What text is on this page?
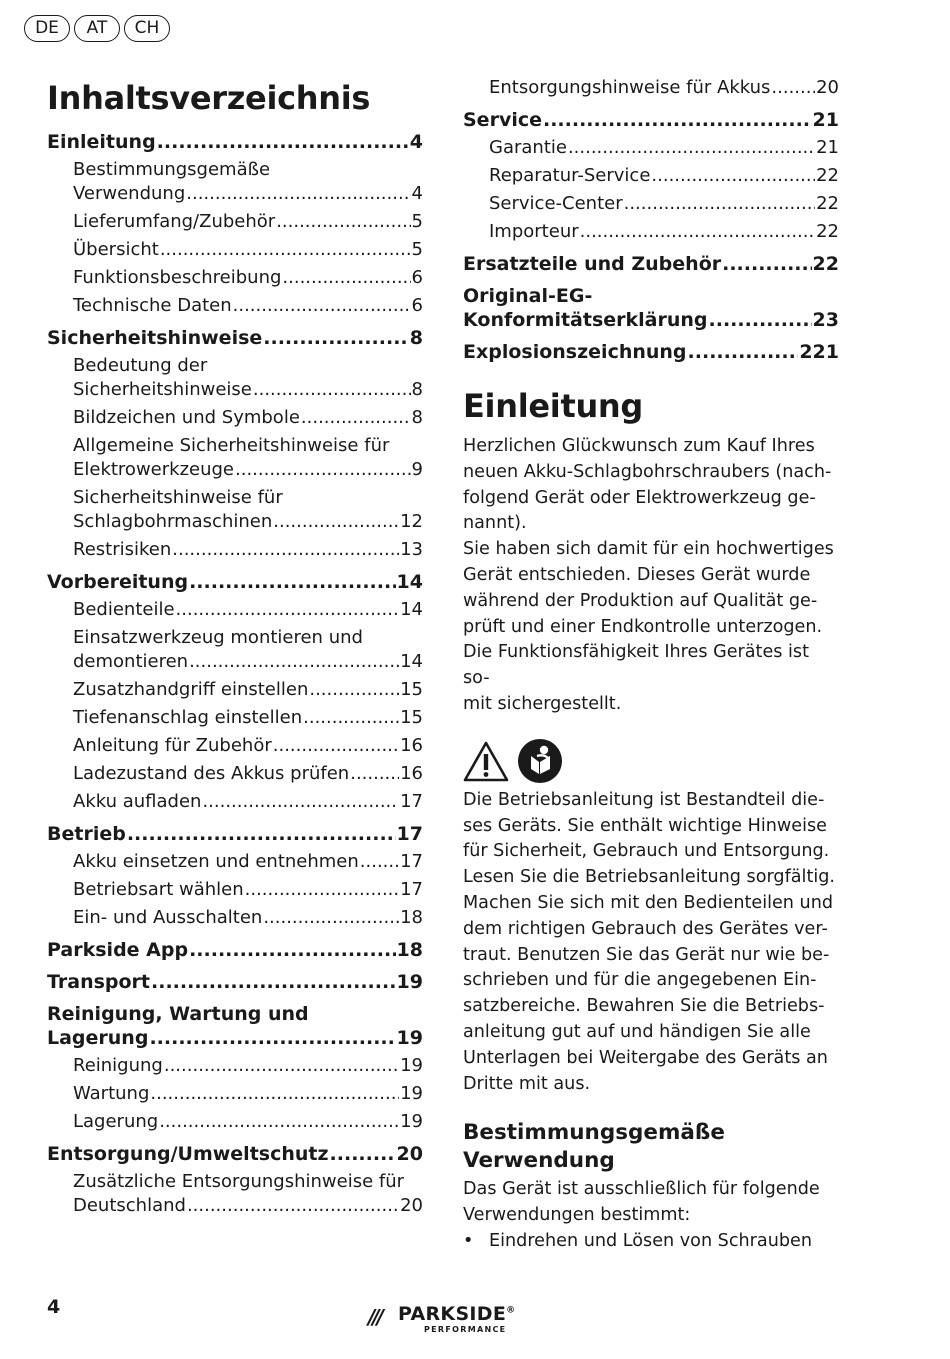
DE	AT	CH
Inhaltsverzeichnis
Einleitung .....	4
Bestimmungsgemäße
Verwendung .....	4
Lieferumfang/Zubehör .....	5
Übersicht .....	5
Funktionsbeschreibung .....	6
Technische Daten .....	6
Sicherheitshinweise .....	8
Bedeutung der
Sicherheitshinweise .....	8
Bildzeichen und Symbole .....	8
Allgemeine Sicherheitshinweise für
Elektrowerkzeuge .....	9
Sicherheitshinweise für
Schlagbohrmaschinen .....	12
Restrisiken .....	13
Vorbereitung .....	14
Bedienteile .....	14
Einsatzwerkzeug montieren und
demontieren .....	14
Zusatzhandgriff einstellen .....	15
Tiefenanschlag einstellen .....	15
Anleitung für Zubehör .....	16
Ladezustand des Akkus prüfen .....	16
Akku aufladen .....	17
Betrieb .....	17
Akku einsetzen und entnehmen ..... 17
Betriebsart wählen .....	17
Ein- und Ausschalten .....	18
Parkside App .....	18
Transport .....	19
Reinigung, Wartung und
Lagerung .....	19
Reinigung .....	19
Wartung .....	19
Lagerung .....	19
Entsorgung/Umweltschutz .....	20
Zusätzliche Entsorgungshinweise für
Deutschland .....	20
Entsorgungshinweise für Akkus .....	20
Service .....	21
Garantie .....	21
Reparatur-Service .....	22
Service-Center .....	22
Importeur .....	22
Ersatzteile und Zubehör .....	22
Original-EG-
Konformitätserklärung .....	23
Explosionszeichnung .....	221
Einleitung

Herzlichen Glückwunsch zum Kauf Ihres
neuen Akku-Schlagbohrschraubers (nach-
folgend Gerät oder Elektrowerkzeug ge-
nannt).

Sie haben sich damit für ein hochwertiges
Gerät entschieden. Dieses Gerät wurde
während der Produktion auf Qualität ge-
prüft und einer Endkontrolle unterzogen.
Die Funktionsfähigkeit Ihres Gerätes ist so-
mit sichergestellt.

Die Betriebsanleitung ist Bestandteil die-
ses Geräts. Sie enthält wichtige Hinweise
für Sicherheit, Gebrauch und Entsorgung.
Lesen Sie die Betriebsanleitung sorgfältig.
Machen Sie sich mit den Bedienteilen und
dem richtigen Gebrauch des Gerätes ver-
traut. Benutzen Sie das Gerät nur wie be-
schrieben und für die angegebenen Ein-
satzbereiche. Bewahren Sie die Betriebs-
anleitung gut auf und händigen Sie alle
Unterlagen bei Weitergabe des Geräts an
Dritte mit aus.

Bestimmungsgemäße
Verwendung

Das Gerät ist ausschließlich für folgende
Verwendungen bestimmt:

• Eindrehen und Lösen von Schrauben
4	/// PARKSIDE®
PERFORMANCE
